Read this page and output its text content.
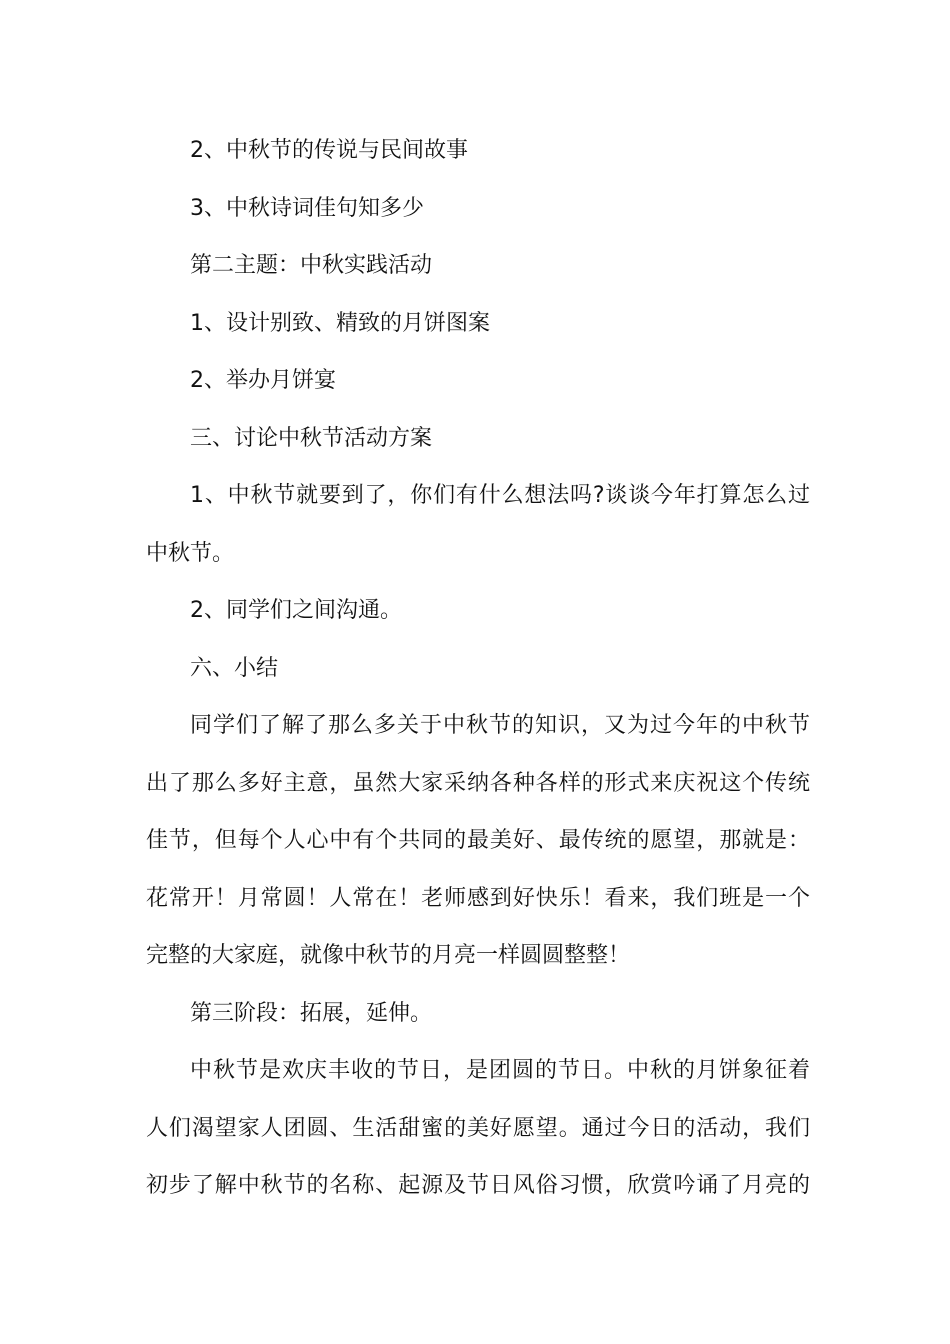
2、中秋节的传说与民间故事

3、中秋诗词佳句知多少

第二主题：中秋实践活动

1、设计别致、精致的月饼图案

2、举办月饼宴

三、讨论中秋节活动方案

1、中秋节就要到了，你们有什么想法吗?谈谈今年打算怎么过
中秋节。

2、同学们之间沟通。

六、小结

同学们了解了那么多关于中秋节的知识，又为过今年的中秋节
出了那么多好主意，虽然大家采纳各种各样的形式来庆祝这个传统
佳节，但每个人心中有个共同的最美好、最传统的愿望，那就是：
花常开！月常圆！人常在！老师感到好快乐！看来，我们班是一个
完整的大家庭，就像中秋节的月亮一样圆圆整整！

第三阶段：拓展，延伸。

中秋节是欢庆丰收的节日，是团圆的节日。中秋的月饼象征着
人们渴望家人团圆、生活甜蜜的美好愿望。通过今日的活动，我们
初步了解中秋节的名称、起源及节日风俗习惯，欣赏吟诵了月亮的
